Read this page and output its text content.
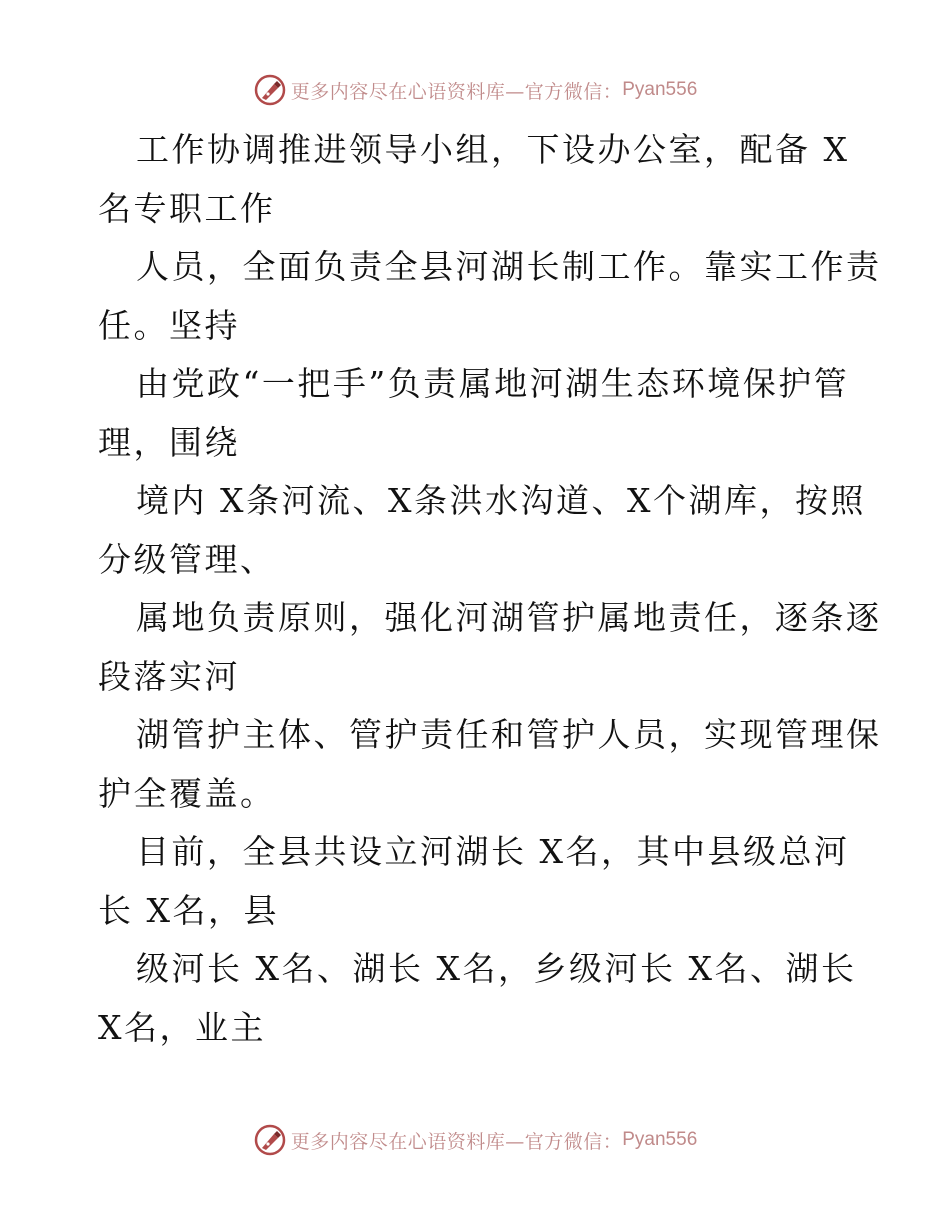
更多内容尽在心语资料库—官方微信： Pyan556
工作协调推进领导小组，下设办公室，配备 X
名专职工作
人员，全面负责全县河湖长制工作。靠实工作责
任。坚持
由党政“一把手”负责属地河湖生态环境保护管
理，围绕
境内 X条河流、X条洪水沟道、X个湖库，按照
分级管理、
属地负责原则，强化河湖管护属地责任，逐条逐
段落实河
湖管护主体、管护责任和管护人员，实现管理保
护全覆盖。
目前，全县共设立河湖长 X名，其中县级总河
长 X名，县
级河长 X名、湖长 X名，乡级河长 X名、湖长
X名，业主
更多内容尽在心语资料库—官方微信： Pyan556
